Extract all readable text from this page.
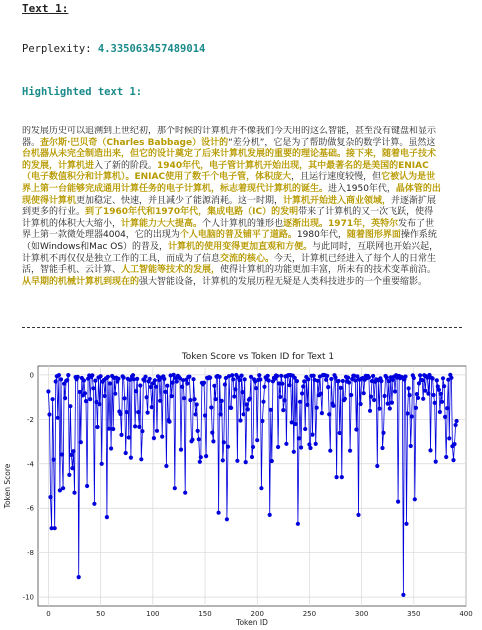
Text 1:
Perplexity: 4.335063457489014
Highlighted text 1:
的发展历史可以追溯到上世纪初，那个时候的计算机并不像我们今天用的这么智能，甚至没有键盘和显示器。查尔斯·巴贝奇（Charles Babbage）设计的“差分机”，它是为了帮助做复杂的数学计算。虽然这台机器从未完全制造出来，但它的设计奠定了后来计算机发展的重要的理论基础。接下来，随着电子技术的发展，计算机进入了新的阶段。1940年代，电子管计算机开始出现，其中最著名的是美国的ENIAC（电子数值积分和计算机）。ENIAC使用了数千个电子管，体积庞大，且运行速度较慢，但它被认为是世界上第一台能够完成通用计算任务的电子计算机，标志着现代计算机的诞生。进入1950年代，晶体管的出现使得计算机更加稳定、快速，并且减少了能源消耗。这一时期，计算机开始进入商业领域，并逐渐扩展到更多的行业。到了1960年代和1970年代，集成电路（IC）的发明带来了计算机的又一次飞跃，使得计算机的体积大大缩小，计算能力大大提高。个人计算机的雏形也逐渐出现。1971年，英特尔发布了世界上第一款微处理器4004，它的出现为个人电脑的普及铺平了道路。1980年代，随着图形界面操作系统（如Windows和Mac OS）的普及，计算机的使用变得更加直观和方便。与此同时，互联网也开始兴起，计算机不再仅仅是独立工作的工具，而成为了信息交流的核心。今天，计算机已经进入了每个人的日常生活，智能手机、云计算、人工智能等技术的发展，使得计算机的功能更加丰富，所未有的技术变革前沿。从早期的机械计算机到现在的强大智能设备，计算机的发展历程无疑是人类科技进步的一个重要缩影。
Token Score vs Token ID for Text 1
0	50	100	150	200	250	300	350	400
0
-2
-4
-6
-8
-10
Token ID
Token Score
